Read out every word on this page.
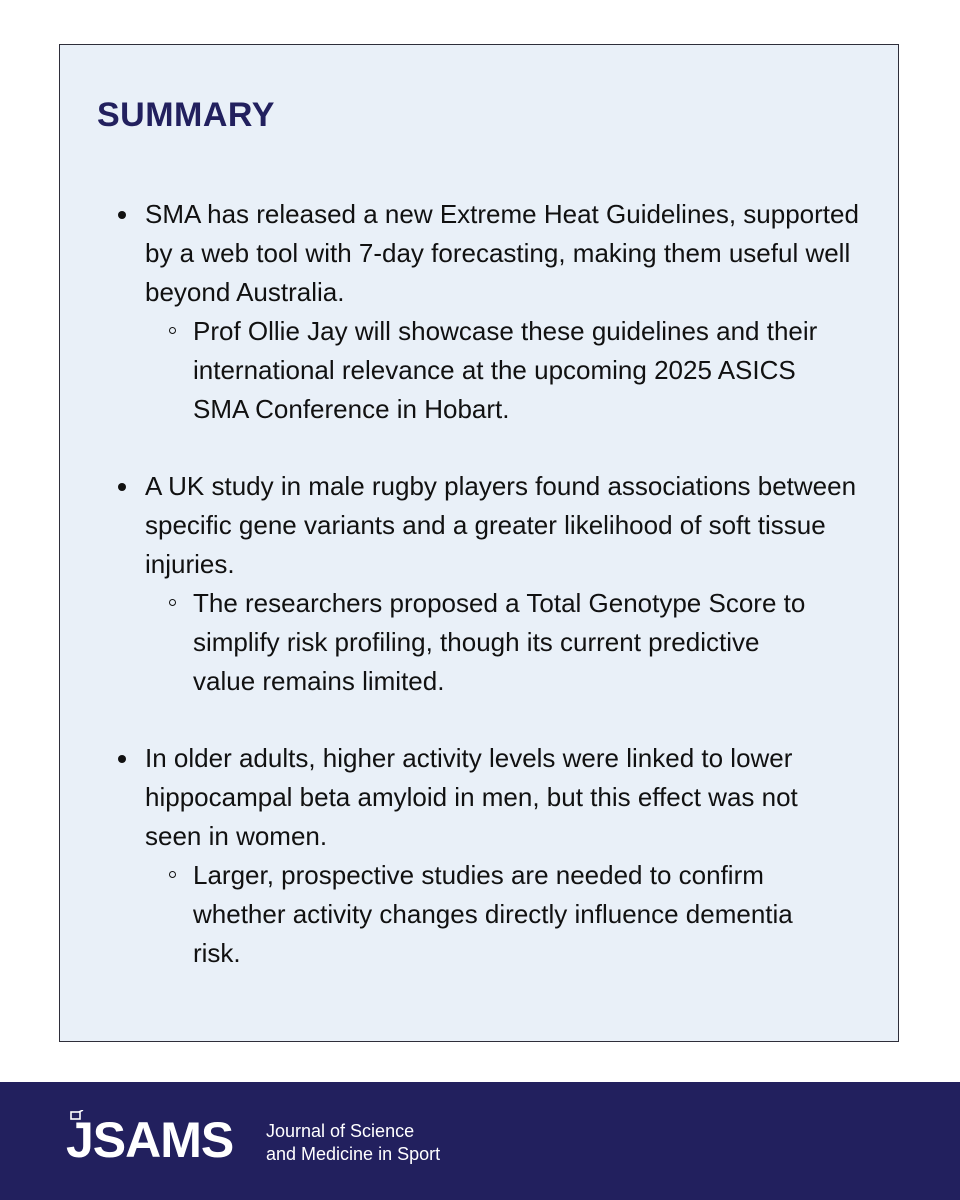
SUMMARY
SMA has released a new Extreme Heat Guidelines, supported by a web tool with 7-day forecasting, making them useful well beyond Australia.
Prof Ollie Jay will showcase these guidelines and their international relevance at the upcoming 2025 ASICS SMA Conference in Hobart.
A UK study in male rugby players found associations between specific gene variants and a greater likelihood of soft tissue injuries.
The researchers proposed a Total Genotype Score to simplify risk profiling, though its current predictive value remains limited.
In older adults, higher activity levels were linked to lower hippocampal beta amyloid in men, but this effect was not seen in women.
Larger, prospective studies are needed to confirm whether activity changes directly influence dementia risk.
JSAMS Journal of Science
and Medicine in Sport
